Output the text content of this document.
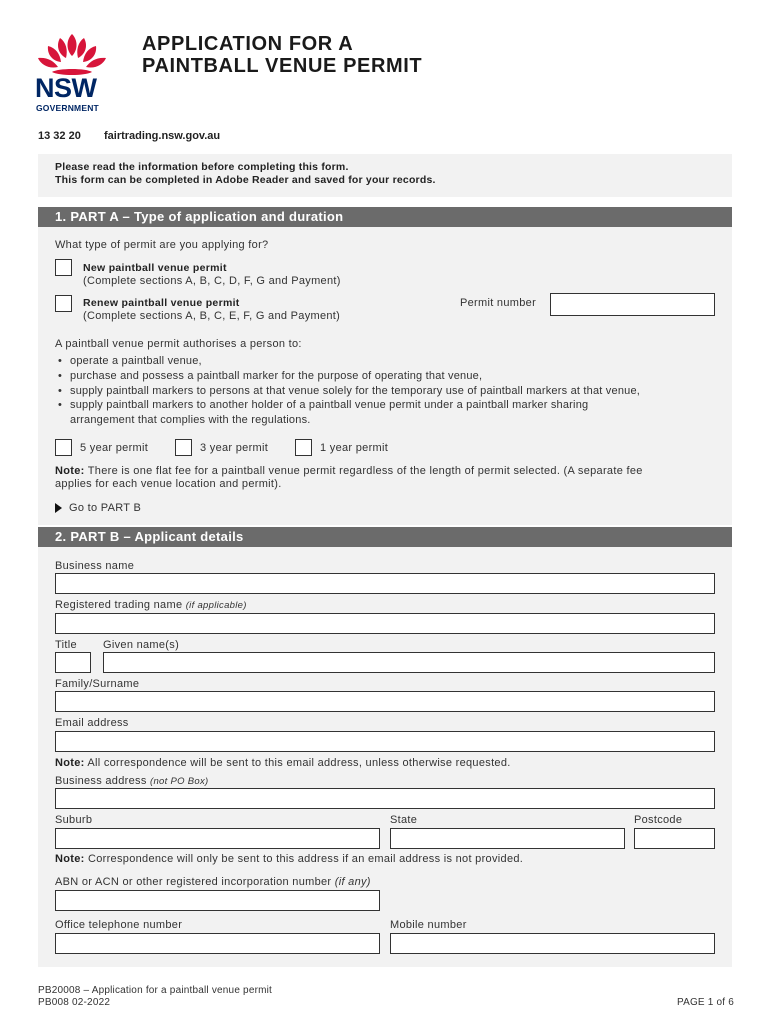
NSW
GOVERNMENT
APPLICATION FOR A
PAINTBALL VENUE PERMIT
13 32 20 fairtrading.nsw.gov.au

Please read the information before completing this form.

This form can be completed in Adobe Reader and saved for your records.

1. PART A – Type of application and duration
What type of permit are you applying for?
New paintball venue permit
(Complete sections A, B, C, D, F, G and Payment)
Renew paintball venue permit
(Complete sections A, B, C, E, F, G and Payment)
Permit number
A paintball venue permit authorises a person to:
• operate a paintball venue,
• purchase and possess a paintball marker for the purpose of operating that venue,
• supply paintball markers to persons at that venue solely for the temporary use of paintball markers at that venue,
• supply paintball markers to another holder of a paintball venue permit under a paintball marker sharing
arrangement that complies with the regulations.
5 year permit	3 year permit	1 year permit
Note: There is one flat fee for a paintball venue permit regardless of the length of permit selected. (A separate fee
applies for each venue location and permit).
Go to PART B
2. PART B – Applicant details
Business name
Registered trading name (if applicable)
Title Given name(s)
Family/Surname
Email address
Note: All correspondence will be sent to this email address, unless otherwise requested.
Business address (not PO Box)
Suburb	State	Postcode
Note: Correspondence will only be sent to this address if an email address is not provided.
ABN or ACN or other registered incorporation number (if any)
Office telephone number	Mobile number
PB20008 – Application for a paintball venue permit
PB008 02-2022	PAGE 1 of 6
